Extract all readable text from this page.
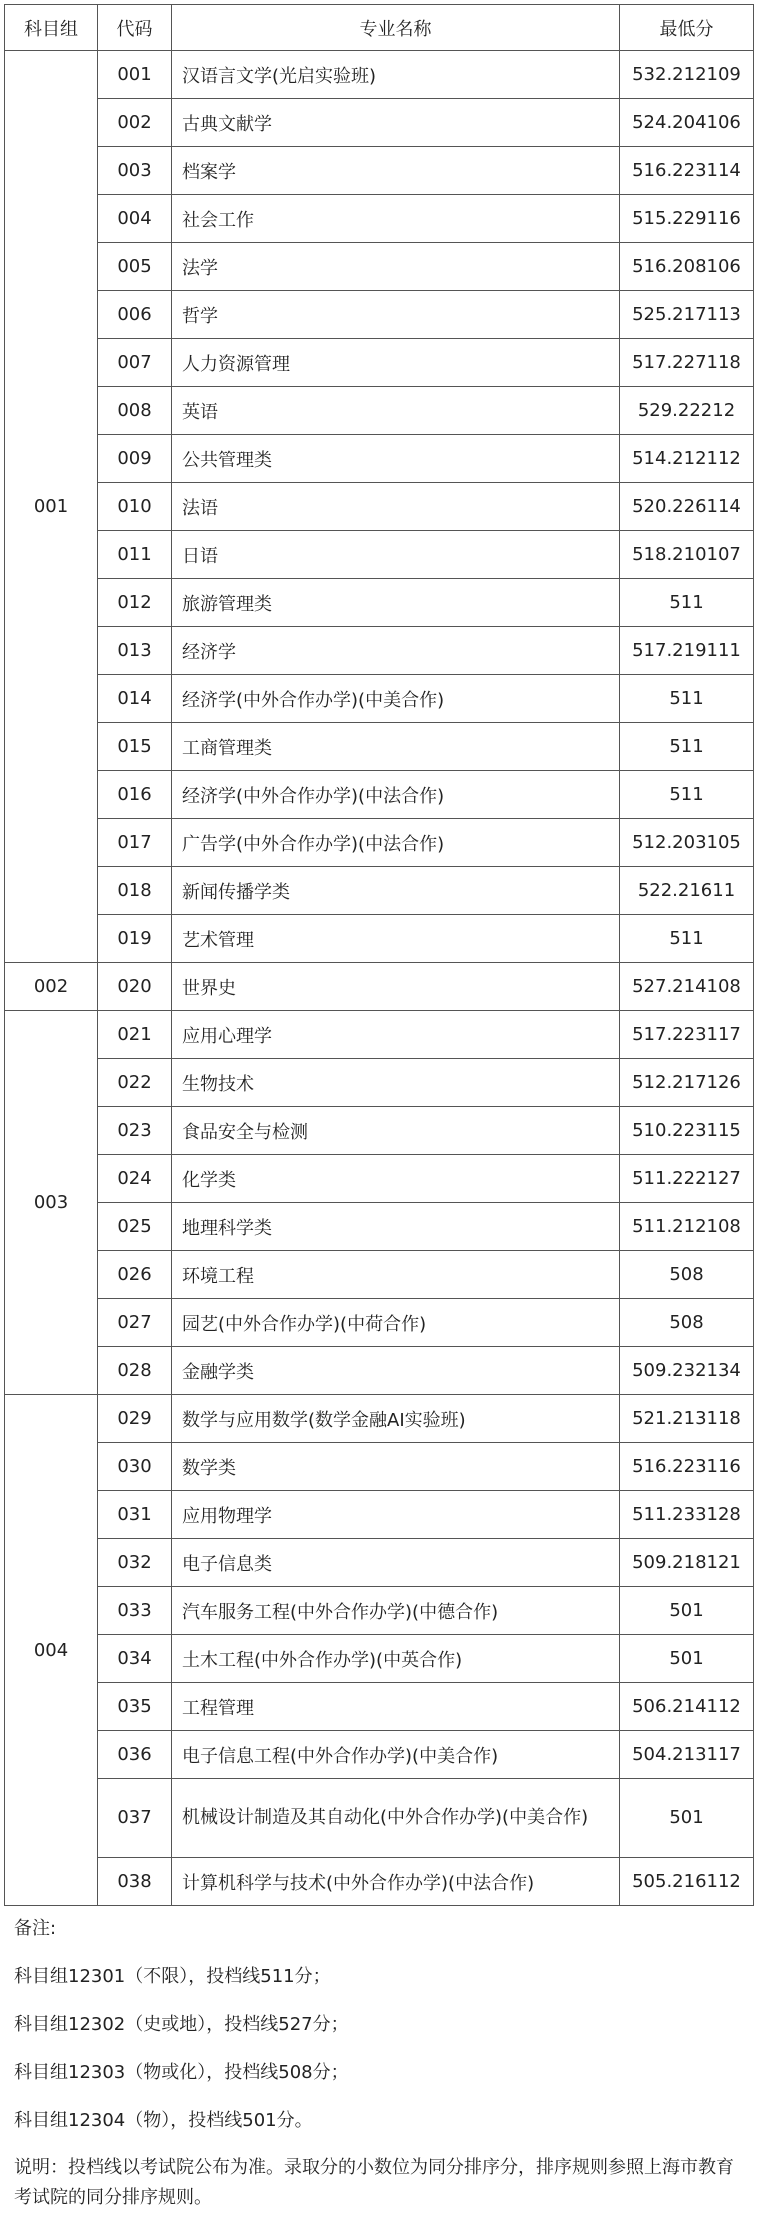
科目组	代码	专业名称	最低分
001	001	汉语言文学(光启实验班)	532.212109
	002	古典文献学	524.204106
	003	档案学	516.223114
	004	社会工作	515.229116
	005	法学	516.208106
	006	哲学	525.217113
	007	人力资源管理	517.227118
	008	英语	529.22212
	009	公共管理类	514.212112
	010	法语	520.226114
	011	日语	518.210107
	012	旅游管理类	511
	013	经济学	517.219111
	014	经济学(中外合作办学)(中美合作)	511
	015	工商管理类	511
	016	经济学(中外合作办学)(中法合作)	511
	017	广告学(中外合作办学)(中法合作)	512.203105
	018	新闻传播学类	522.21611
	019	艺术管理	511
002	020	世界史	527.214108
003	021	应用心理学	517.223117
	022	生物技术	512.217126
	023	食品安全与检测	510.223115
	024	化学类	511.222127
	025	地理科学类	511.212108
	026	环境工程	508
	027	园艺(中外合作办学)(中荷合作)	508
	028	金融学类	509.232134
004	029	数学与应用数学(数学金融AI实验班)	521.213118
	030	数学类	516.223116
	031	应用物理学	511.233128
	032	电子信息类	509.218121
	033	汽车服务工程(中外合作办学)(中德合作)	501
	034	土木工程(中外合作办学)(中英合作)	501
	035	工程管理	506.214112
	036	电子信息工程(中外合作办学)(中美合作)	504.213117
	037	机械设计制造及其自动化(中外合作办学)(中美合作)	501
	038	计算机科学与技术(中外合作办学)(中法合作)	505.216112
备注:
科目组12301（不限），投档线511分；
科目组12302（史或地），投档线527分；
科目组12303（物或化），投档线508分；
科目组12304（物），投档线501分。
说明：投档线以考试院公布为准。录取分的小数位为同分排序分，排序规则参照上海市教育考试院的同分排序规则。
